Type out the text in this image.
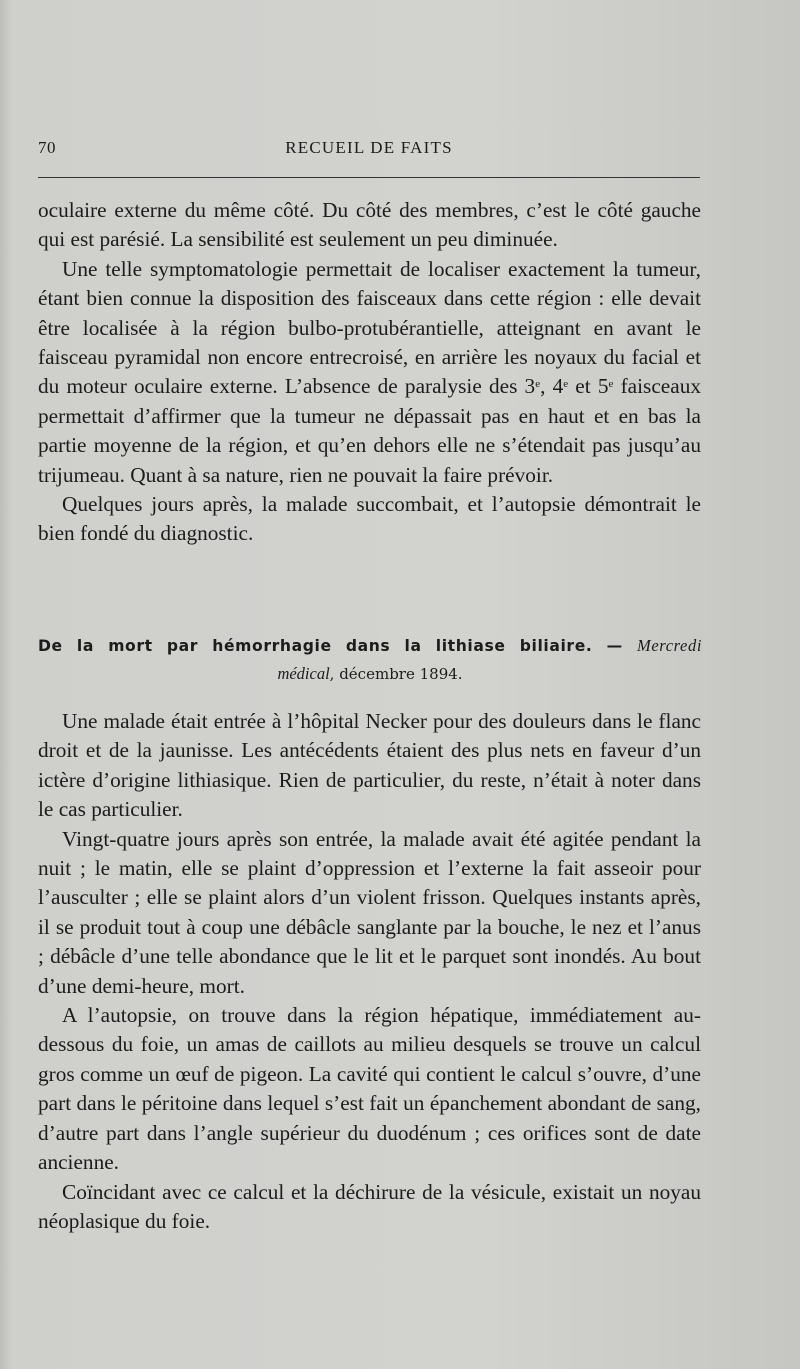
70	RECUEIL DE FAITS

oculaire externe du même côté. Du côté des membres, c’est le côté gauche qui est parésié. La sensibilité est seulement un peu diminuée.

Une telle symptomatologie permettait de localiser exactement la tumeur, étant bien connue la disposition des faisceaux dans cette région : elle devait être localisée à la région bulbo-protubérantielle, atteignant en avant le faisceau pyramidal non encore entrecroisé, en arrière les noyaux du facial et du moteur oculaire externe. L’absence de paralysie des 3e, 4e et 5e faisceaux permettait d’affirmer que la tumeur ne dépassait pas en haut et en bas la partie moyenne de la région, et qu’en dehors elle ne s’étendait pas jusqu’au trijumeau. Quant à sa nature, rien ne pouvait la faire prévoir.

Quelques jours après, la malade succombait, et l’autopsie démontrait le bien fondé du diagnostic.

De la mort par hémorrhagie dans la lithiase biliaire. — Mercredi
médical, décembre 1894.

Une malade était entrée à l’hôpital Necker pour des douleurs dans le flanc droit et de la jaunisse. Les antécédents étaient des plus nets en faveur d’un ictère d’origine lithiasique. Rien de particulier, du reste, n’était à noter dans le cas particulier.

Vingt-quatre jours après son entrée, la malade avait été agitée pendant la nuit ; le matin, elle se plaint d’oppression et l’externe la fait asseoir pour l’ausculter ; elle se plaint alors d’un violent frisson. Quelques instants après, il se produit tout à coup une débâcle sanglante par la bouche, le nez et l’anus ; débâcle d’une telle abondance que le lit et le parquet sont inondés. Au bout d’une demi-heure, mort.

A l’autopsie, on trouve dans la région hépatique, immédiatement au-dessous du foie, un amas de caillots au milieu desquels se trouve un calcul gros comme un œuf de pigeon. La cavité qui contient le calcul s’ouvre, d’une part dans le péritoine dans lequel s’est fait un épanchement abondant de sang, d’autre part dans l’angle supérieur du duodénum ; ces orifices sont de date ancienne.

Coïncidant avec ce calcul et la déchirure de la vésicule, existait un noyau néoplasique du foie.
